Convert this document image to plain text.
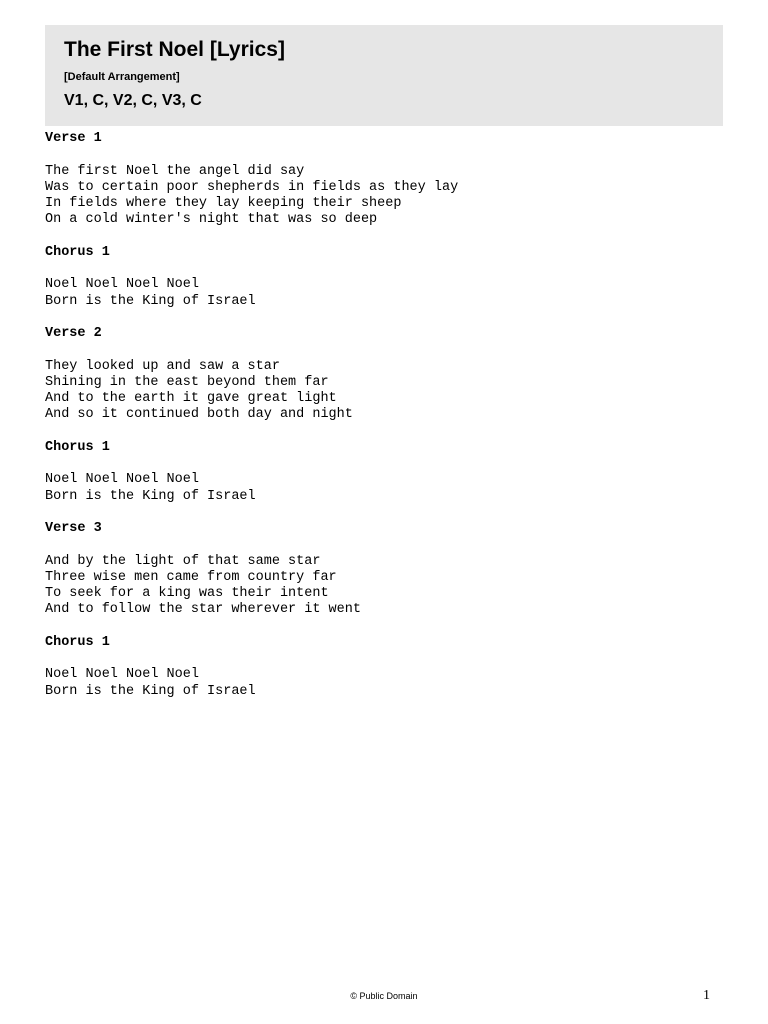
The First Noel [Lyrics]
[Default Arrangement]
V1, C, V2, C, V3, C
Verse 1
The first Noel the angel did say
Was to certain poor shepherds in fields as they lay
In fields where they lay keeping their sheep
On a cold winter's night that was so deep
Chorus 1
Noel Noel Noel Noel
Born is the King of Israel
Verse 2
They looked up and saw a star
Shining in the east beyond them far
And to the earth it gave great light
And so it continued both day and night
Chorus 1
Noel Noel Noel Noel
Born is the King of Israel
Verse 3
And by the light of that same star
Three wise men came from country far
To seek for a king was their intent
And to follow the star wherever it went
Chorus 1
Noel Noel Noel Noel
Born is the King of Israel
© Public Domain	1
